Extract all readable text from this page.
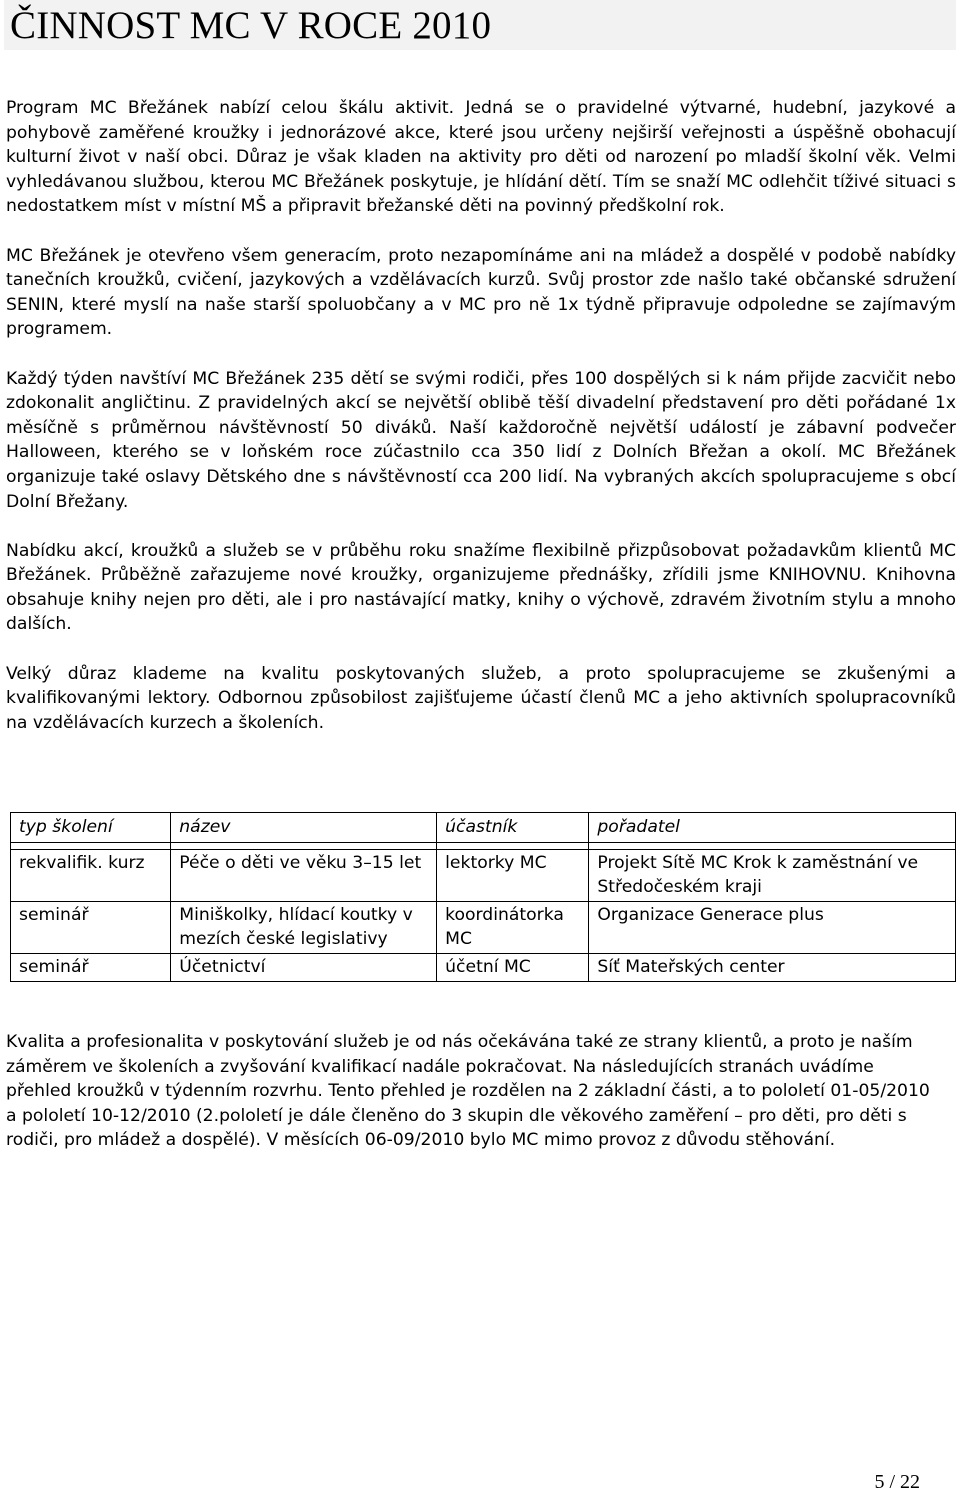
ČINNOST MC V ROCE 2010

Program MC Břežánek nabízí celou škálu aktivit. Jedná se o pravidelné výtvarné, hudební, jazykové a pohybově zaměřené kroužky i jednorázové akce, které jsou určeny nejširší veřejnosti a úspěšně obohacují kulturní život v naší obci. Důraz je však kladen na aktivity pro děti od narození po mladší školní věk. Velmi vyhledávanou službou, kterou MC Břežánek poskytuje, je hlídání dětí. Tím se snaží MC odlehčit tíživé situaci s nedostatkem míst v místní MŠ a připravit břežanské děti na povinný předškolní rok.

MC Břežánek je otevřeno všem generacím, proto nezapomínáme ani na mládež a dospělé v podobě nabídky tanečních kroužků, cvičení, jazykových a vzdělávacích kurzů. Svůj prostor zde našlo také občanské sdružení SENIN, které myslí na naše starší spoluobčany a v MC pro ně 1x týdně připravuje odpoledne se zajímavým programem.

Každý týden navštíví MC Břežánek 235 dětí se svými rodiči, přes 100 dospělých si k nám přijde zacvičit nebo zdokonalit angličtinu. Z pravidelných akcí se největší oblibě těší divadelní představení pro děti pořádané 1x měsíčně s průměrnou návštěvností 50 diváků. Naší každoročně největší událostí je zábavní podvečer Halloween, kterého se v loňském roce zúčastnilo cca 350 lidí z Dolních Břežan a okolí. MC Břežánek organizuje také oslavy Dětského dne s návštěvností cca 200 lidí. Na vybraných akcích spolupracujeme s obcí Dolní Břežany.

Nabídku akcí, kroužků a služeb se v průběhu roku snažíme flexibilně přizpůsobovat požadavkům klientů MC Břežánek. Průběžně zařazujeme nové kroužky, organizujeme přednášky, zřídili jsme KNIHOVNU. Knihovna obsahuje knihy nejen pro děti, ale i pro nastávající matky, knihy o výchově, zdravém životním stylu a mnoho dalších.

Velký důraz klademe na kvalitu poskytovaných služeb, a proto spolupracujeme se zkušenými a kvalifikovanými lektory. Odbornou způsobilost zajišťujeme účastí členů MC a jeho aktivních spolupracovníků na vzdělávacích kurzech a školeních.

typ školení	název	účastník	pořadatel

rekvalifik. kurz	Péče o děti ve věku 3–15 let	lektorky MC	Projekt Sítě MC Krok k zaměstnání ve Středočeském kraji
seminář	Miniškolky, hlídací koutky v mezích české legislativy	koordinátorka MC	Organizace Generace plus
seminář	Účetnictví	účetní MC	Síť Mateřských center
Kvalita a profesionalita v poskytování služeb je od nás očekávána také ze strany klientů, a proto je naším záměrem ve školeních a zvyšování kvalifikací nadále pokračovat. Na následujících stranách uvádíme přehled kroužků v týdenním rozvrhu. Tento přehled je rozdělen na 2 základní části, a to pololetí 01-05/2010 a pololetí 10-12/2010 (2.pololetí je dále členěno do 3 skupin dle věkového zaměření – pro děti, pro děti s rodiči, pro mládež a dospělé). V měsících 06-09/2010 bylo MC mimo provoz z důvodu stěhování.
5 / 22
